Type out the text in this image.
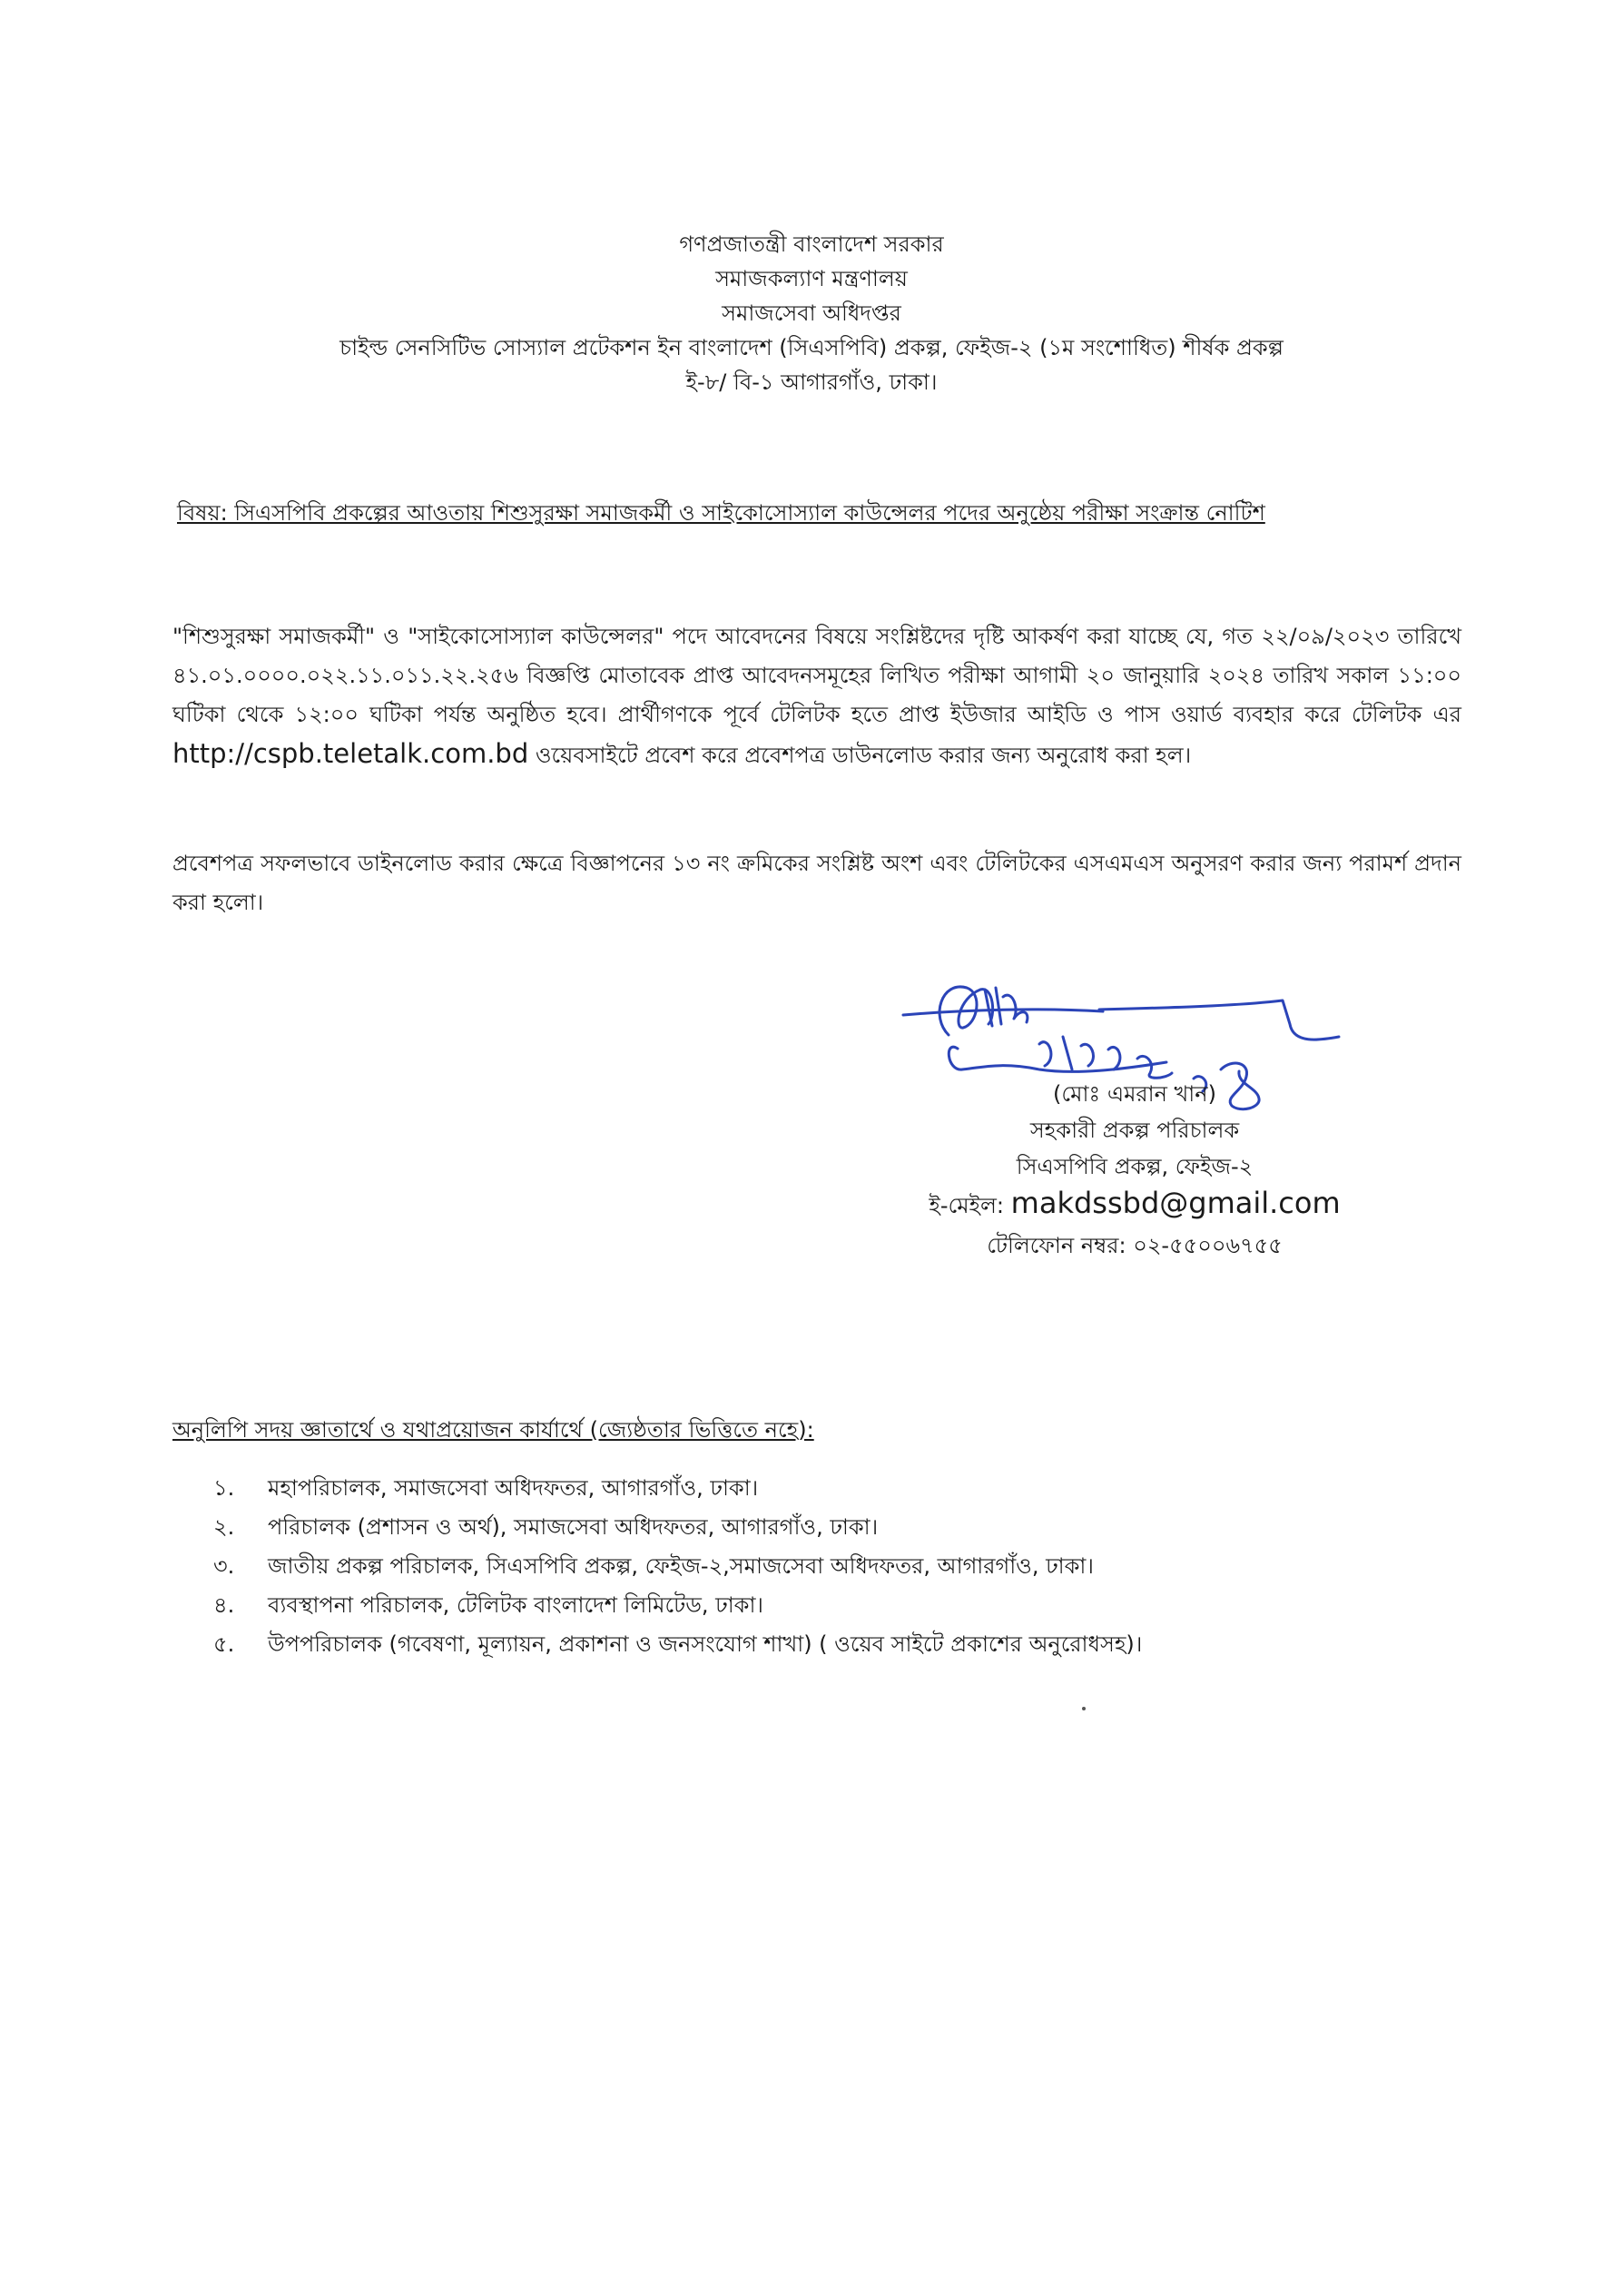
গণপ্রজাতন্ত্রী বাংলাদেশ সরকার
সমাজকল্যাণ মন্ত্রণালয়
সমাজসেবা অধিদপ্তর
চাইল্ড সেনসিটিভ সোস্যাল প্রটেকশন ইন বাংলাদেশ (সিএসপিবি) প্রকল্প, ফেইজ-২ (১ম সংশোধিত) শীর্ষক প্রকল্প
ই-৮/ বি-১ আগারগাঁও, ঢাকা।
বিষয়: সিএসপিবি প্রকল্পের আওতায় শিশুসুরক্ষা সমাজকর্মী ও সাইকোসোস্যাল কাউন্সেলর পদের অনুষ্ঠেয় পরীক্ষা সংক্রান্ত নোটিশ
"শিশুসুরক্ষা সমাজকর্মী" ও "সাইকোসোস্যাল কাউন্সেলর" পদে আবেদনের বিষয়ে সংশ্লিষ্টদের দৃষ্টি আকর্ষণ করা যাচ্ছে যে, গত ২২/০৯/২০২৩ তারিখে ৪১.০১.০০০০.০২২.১১.০১১.২২.২৫৬ বিজ্ঞপ্তি মোতাবেক প্রাপ্ত আবেদনসমূহের লিখিত পরীক্ষা আগামী ২০ জানুয়ারি ২০২৪ তারিখ সকাল ১১:০০ ঘটিকা থেকে ১২:০০ ঘটিকা পর্যন্ত অনুষ্ঠিত হবে। প্রার্থীগণকে পূর্বে টেলিটক হতে প্রাপ্ত ইউজার আইডি ও পাস ওয়ার্ড ব্যবহার করে টেলিটক এর http://cspb.teletalk.com.bd ওয়েবসাইটে প্রবেশ করে প্রবেশপত্র ডাউনলোড করার জন্য অনুরোধ করা হল।
প্রবেশপত্র সফলভাবে ডাইনলোড করার ক্ষেত্রে বিজ্ঞাপনের ১৩ নং ক্রমিকের সংশ্লিষ্ট অংশ এবং টেলিটকের এসএমএস অনুসরণ করার জন্য পরামর্শ প্রদান করা হলো।
(মোঃ এমরান খান)
সহকারী প্রকল্প পরিচালক
সিএসপিবি প্রকল্প, ফেইজ-২
ই-মেইল: makdssbd@gmail.com
টেলিফোন নম্বর: ০২-৫৫০০৬৭৫৫
অনুলিপি সদয় জ্ঞাতার্থে ও যথাপ্রয়োজন কার্যার্থে (জ্যেষ্ঠতার ভিত্তিতে নহে):
১. মহাপরিচালক, সমাজসেবা অধিদফতর, আগারগাঁও, ঢাকা।
২. পরিচালক (প্রশাসন ও অর্থ), সমাজসেবা অধিদফতর, আগারগাঁও, ঢাকা।
৩. জাতীয় প্রকল্প পরিচালক, সিএসপিবি প্রকল্প, ফেইজ-২,সমাজসেবা অধিদফতর, আগারগাঁও, ঢাকা।
৪. ব্যবস্থাপনা পরিচালক, টেলিটক বাংলাদেশ লিমিটেড, ঢাকা।
৫. উপপরিচালক (গবেষণা, মূল্যায়ন, প্রকাশনা ও জনসংযোগ শাখা) ( ওয়েব সাইটে প্রকাশের অনুরোধসহ)।
